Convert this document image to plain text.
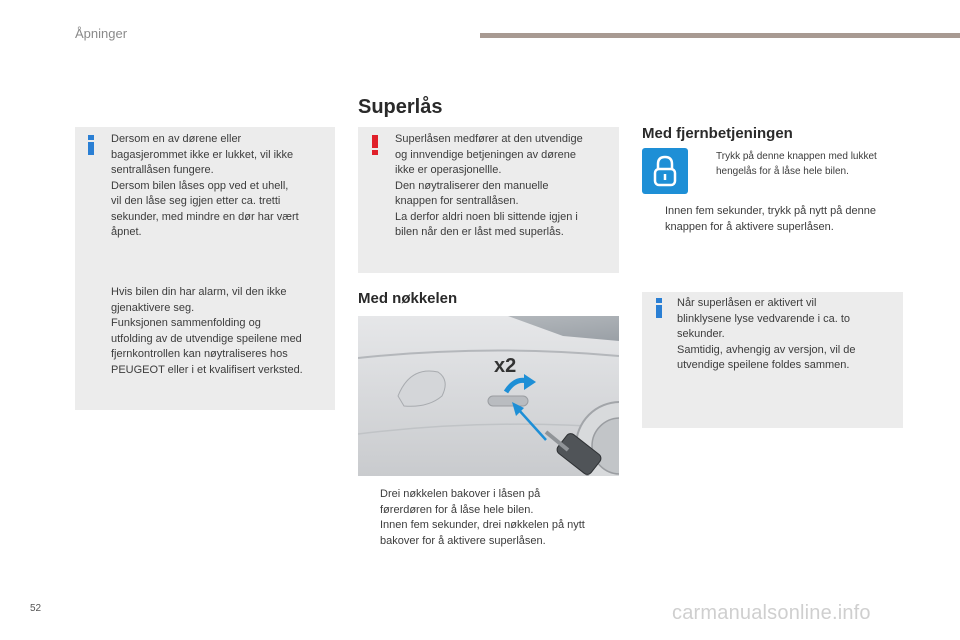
Åpninger
Superlås
Dersom en av dørene eller
bagasjerommet ikke er lukket, vil ikke
sentrallåsen fungere.
Dersom bilen låses opp ved et uhell,
vil den låse seg igjen etter ca. tretti
sekunder, med mindre en dør har vært
åpnet.
Hvis bilen din har alarm, vil den ikke
gjenaktivere seg.
Funksjonen sammenfolding og
utfolding av de utvendige speilene med
fjernkontrollen kan nøytraliseres hos
PEUGEOT eller i et kvalifisert verksted.
Superlåsen medfører at den utvendige
og innvendige betjeningen av dørene
ikke er operasjonellle.
Den nøytraliserer den manuelle
knappen for sentrallåsen.
La derfor aldri noen bli sittende igjen i
bilen når den er låst med superlås.
Med nøkkelen
x2
Drei nøkkelen bakover i låsen på
førerdøren for å låse hele bilen.
Innen fem sekunder, drei nøkkelen på nytt
bakover for å aktivere superlåsen.
Med fjernbetjeningen
Trykk på denne knappen med lukket
hengelås for å låse hele bilen.
Innen fem sekunder, trykk på nytt på denne
knappen for å aktivere superlåsen.
Når superlåsen er aktivert vil
blinklysene lyse vedvarende i ca. to
sekunder.
Samtidig, avhengig av versjon, vil de
utvendige speilene foldes sammen.
52	carmanualsonline.info
